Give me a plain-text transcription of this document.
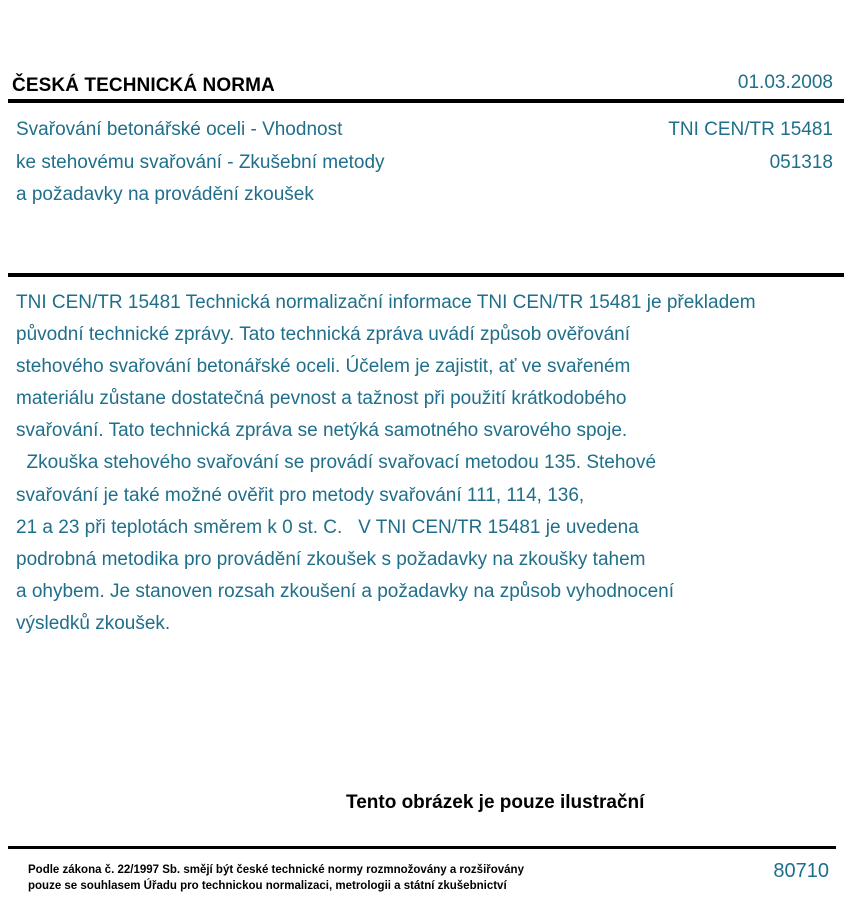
ČESKÁ TECHNICKÁ NORMA	01.03.2008
Svařování betonářské oceli - Vhodnost
ke stehovému svařování - Zkušební metody
a požadavky na provádění zkoušek
TNI CEN/TR 15481
051318
TNI CEN/TR 15481 Technická normalizační informace TNI CEN/TR 15481 je překladem
původní technické zprávy. Tato technická zpráva uvádí způsob ověřování
stehového svařování betonářské oceli. Účelem je zajistit, ať ve svařeném
materiálu zůstane dostatečná pevnost a tažnost při použití krátkodobého
svařování. Tato technická zpráva se netýká samotného svarového spoje.
Zkouška stehového svařování se provádí svařovací metodou 135. Stehové
svařování je také možné ověřit pro metody svařování 111, 114, 136,
21 a 23 při teplotách směrem k 0 st. C.   V TNI CEN/TR 15481 je uvedena
podrobná metodika pro provádění zkoušek s požadavky na zkoušky tahem
a ohybem. Je stanoven rozsah zkoušení a požadavky na způsob vyhodnocení
výsledků zkoušek.
Tento obrázek je pouze ilustrační
Podle zákona č. 22/1997 Sb. smějí být české technické normy rozmnožovány a rozšiřovány
pouze se souhlasem Úřadu pro technickou normalizaci, metrologii a státní zkušebnictví
80710
